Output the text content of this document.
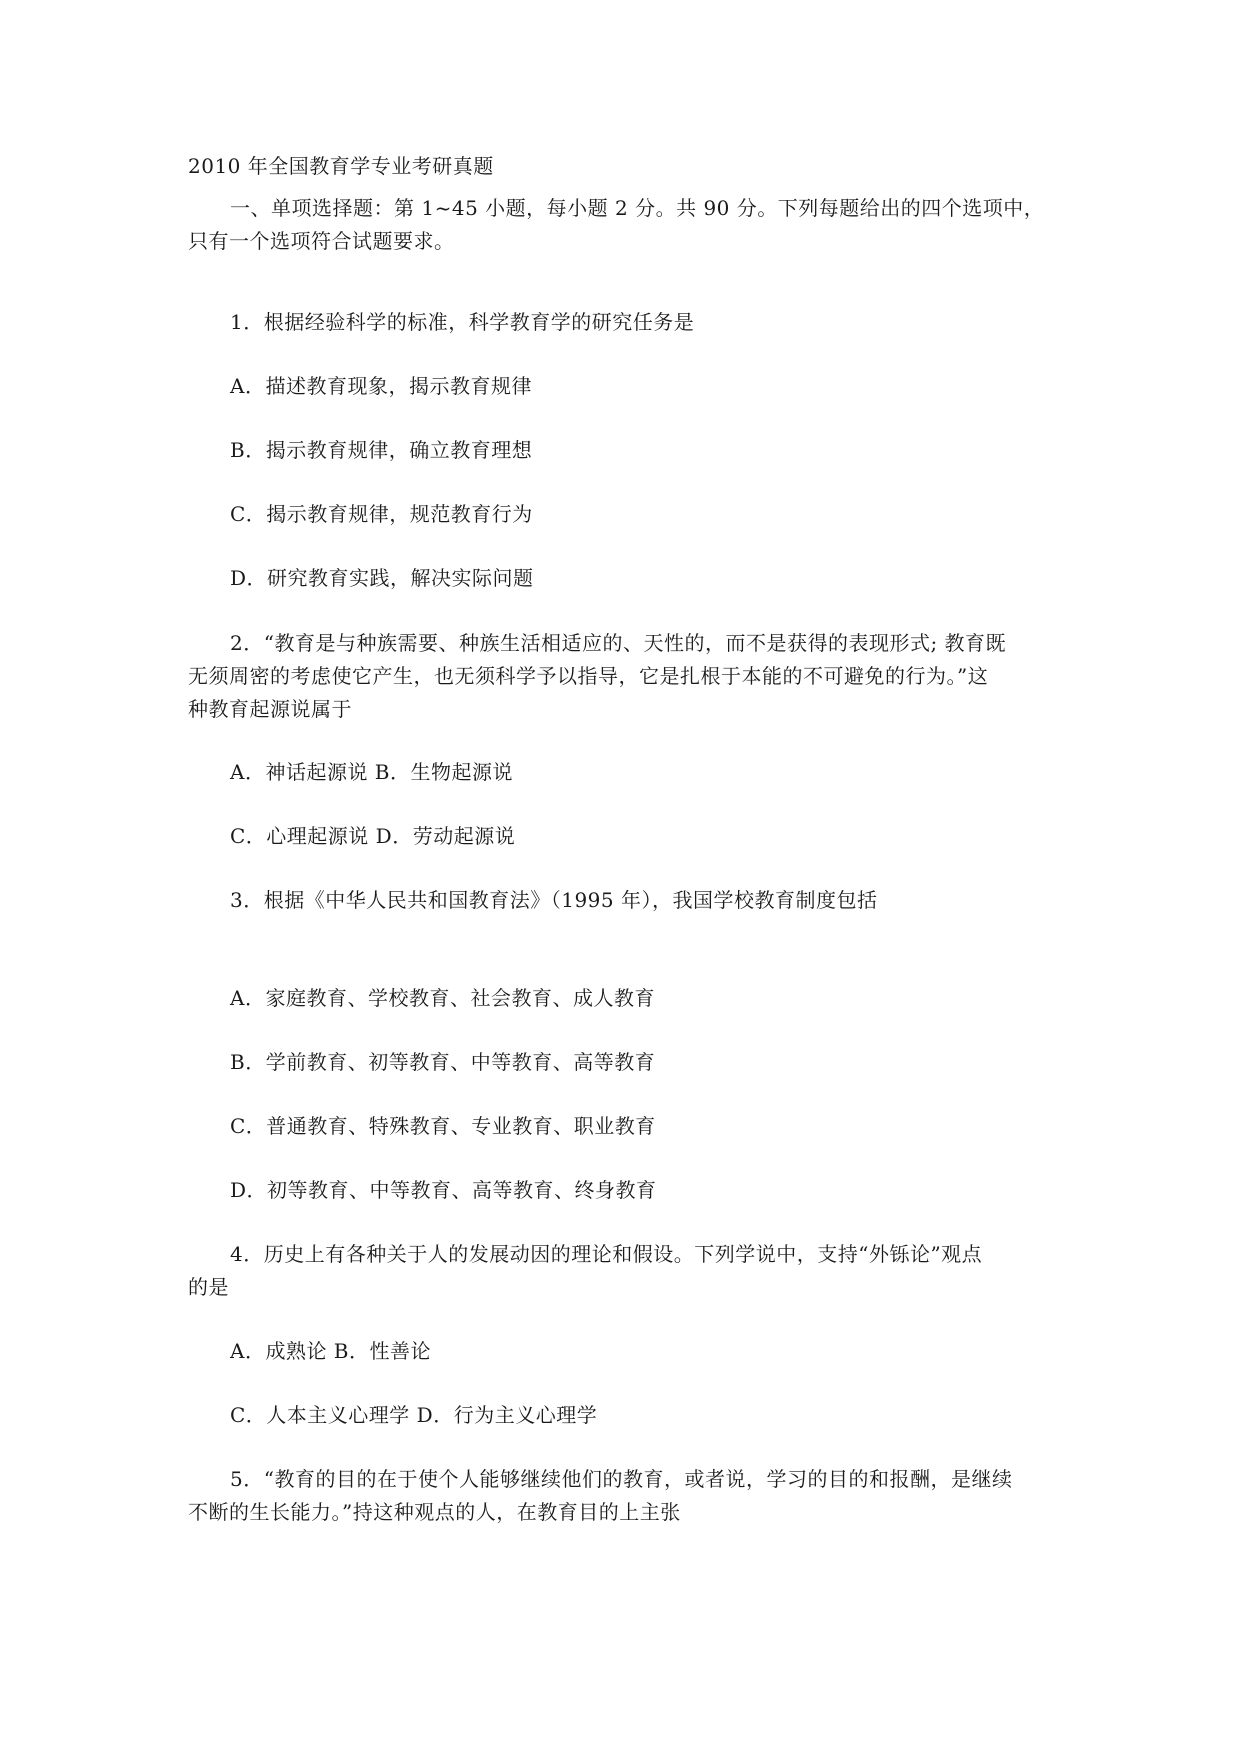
2010 年全国教育学专业考研真题
一、单项选择题：第 1~45 小题，每小题 2 分。共 90 分。下列每题给出的四个选项中，
只有一个选项符合试题要求。
1．根据经验科学的标准，科学教育学的研究任务是
A．描述教育现象，揭示教育规律
B．揭示教育规律，确立教育理想
C．揭示教育规律，规范教育行为
D．研究教育实践，解决实际问题
2．“教育是与种族需要、种族生活相适应的、天性的，而不是获得的表现形式; 教育既
无须周密的考虑使它产生，也无须科学予以指导，它是扎根于本能的不可避免的行为。”这
种教育起源说属于
A．神话起源说 B．生物起源说
C．心理起源说 D．劳动起源说
3．根据《中华人民共和国教育法》（1995 年），我国学校教育制度包括
A．家庭教育、学校教育、社会教育、成人教育
B．学前教育、初等教育、中等教育、高等教育
C．普通教育、特殊教育、专业教育、职业教育
D．初等教育、中等教育、高等教育、终身教育
4．历史上有各种关于人的发展动因的理论和假设。下列学说中，支持“外铄论”观点
的是
A．成熟论 B．性善论
C．人本主义心理学 D．行为主义心理学
5．“教育的目的在于使个人能够继续他们的教育，或者说，学习的目的和报酬，是继续
不断的生长能力。”持这种观点的人，在教育目的上主张
